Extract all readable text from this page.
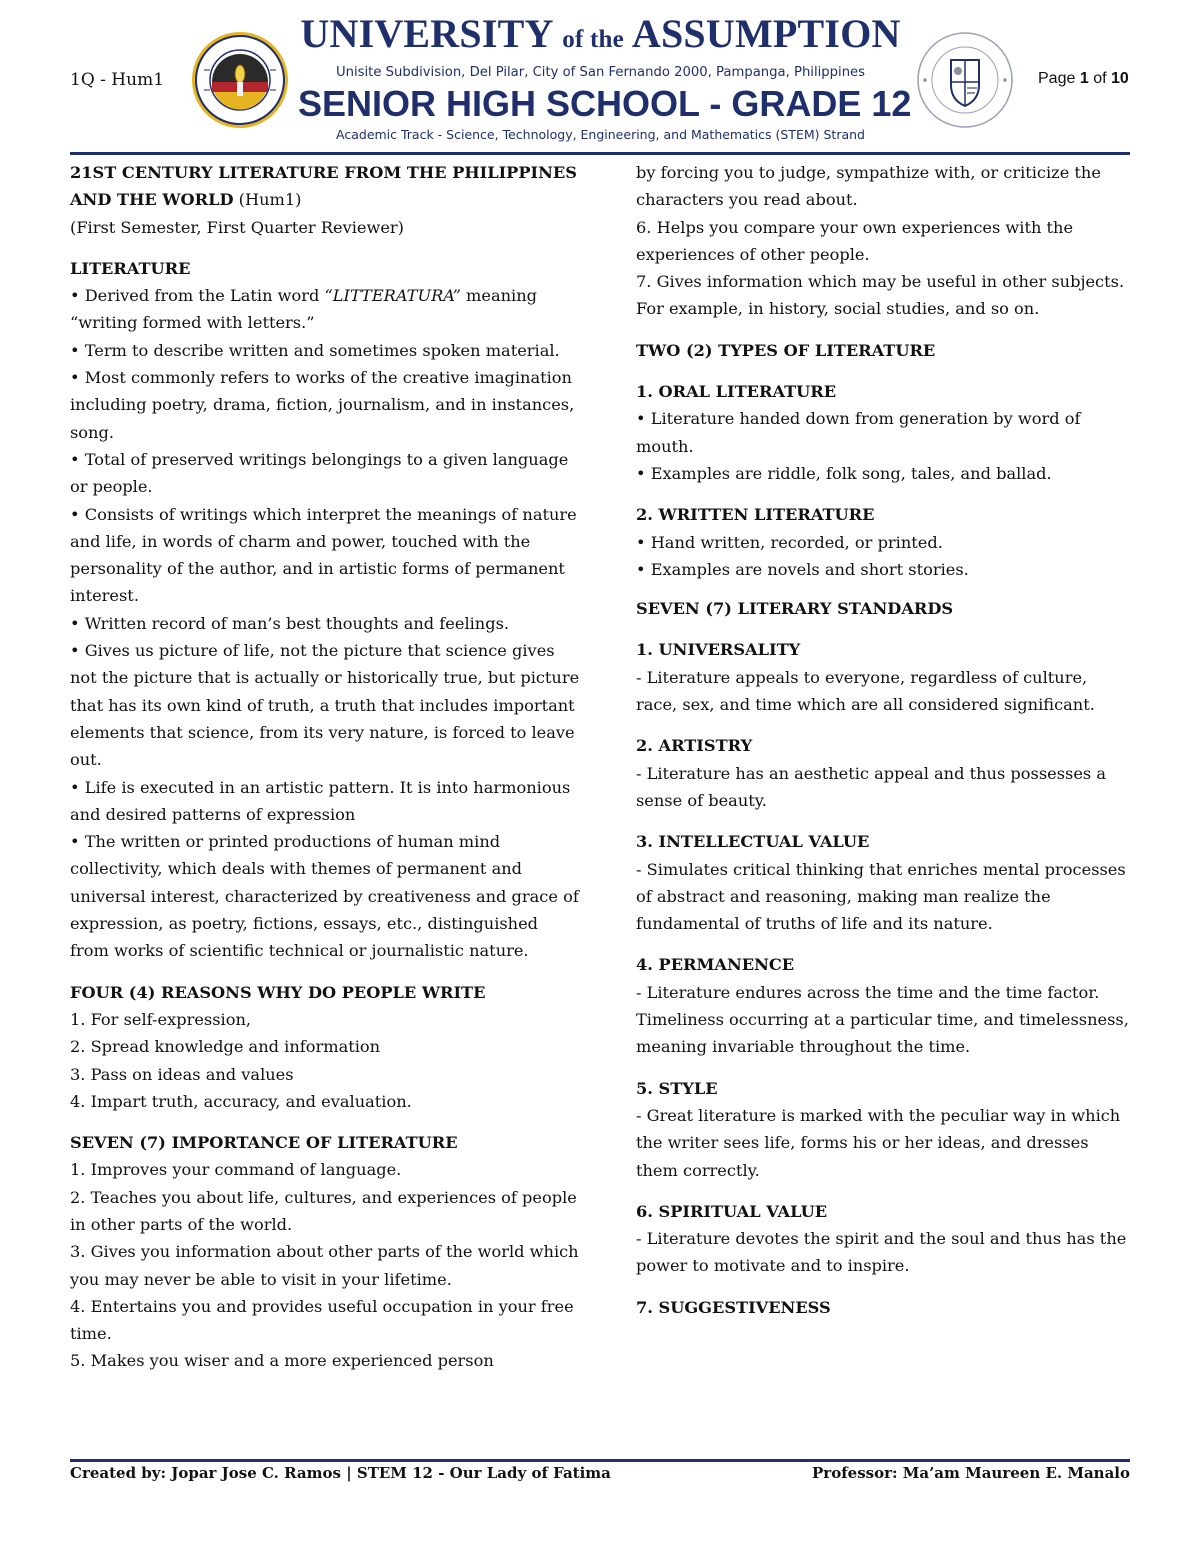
1Q - Hum1
UNIVERSITY of the ASSUMPTION
Unisite Subdivision, Del Pilar, City of San Fernando 2000, Pampanga, Philippines
SENIOR HIGH SCHOOL - GRADE 12
Academic Track - Science, Technology, Engineering, and Mathematics (STEM) Strand
Page 1 of 10

21ST CENTURY LITERATURE FROM THE PHILIPPINES AND THE WORLD (Hum1)

(First Semester, First Quarter Reviewer)

LITERATURE

• Derived from the Latin word “LITTERATURA” meaning “writing formed with letters.”

• Term to describe written and sometimes spoken material.

• Most commonly refers to works of the creative imagination including poetry, drama, fiction, journalism, and in instances, song.

• Total of preserved writings belongings to a given language or people.

• Consists of writings which interpret the meanings of nature and life, in words of charm and power, touched with the personality of the author, and in artistic forms of permanent interest.

• Written record of man’s best thoughts and feelings.

• Gives us picture of life, not the picture that science gives not the picture that is actually or historically true, but picture that has its own kind of truth, a truth that includes important elements that science, from its very nature, is forced to leave out.

• Life is executed in an artistic pattern. It is into harmonious and desired patterns of expression

• The written or printed productions of human mind collectivity, which deals with themes of permanent and universal interest, characterized by creativeness and grace of expression, as poetry, fictions, essays, etc., distinguished from works of scientific technical or journalistic nature.

FOUR (4) REASONS WHY DO PEOPLE WRITE

1. For self-expression,

2. Spread knowledge and information

3. Pass on ideas and values

4. Impart truth, accuracy, and evaluation.

SEVEN (7) IMPORTANCE OF LITERATURE

1. Improves your command of language.

2. Teaches you about life, cultures, and experiences of people in other parts of the world.

3. Gives you information about other parts of the world which you may never be able to visit in your lifetime.

4. Entertains you and provides useful occupation in your free time.

5. Makes you wiser and a more experienced person

by forcing you to judge, sympathize with, or criticize the characters you read about.

6. Helps you compare your own experiences with the experiences of other people.

7. Gives information which may be useful in other subjects. For example, in history, social studies, and so on.

TWO (2) TYPES OF LITERATURE

1. ORAL LITERATURE

• Literature handed down from generation by word of mouth.

• Examples are riddle, folk song, tales, and ballad.

2. WRITTEN LITERATURE

• Hand written, recorded, or printed.

• Examples are novels and short stories.

SEVEN (7) LITERARY STANDARDS

1. UNIVERSALITY

- Literature appeals to everyone, regardless of culture, race, sex, and time which are all considered significant.

2. ARTISTRY

- Literature has an aesthetic appeal and thus possesses a sense of beauty.

3. INTELLECTUAL VALUE

- Simulates critical thinking that enriches mental processes of abstract and reasoning, making man realize the fundamental of truths of life and its nature.

4. PERMANENCE

- Literature endures across the time and the time factor. Timeliness occurring at a particular time, and timelessness, meaning invariable throughout the time.

5. STYLE

- Great literature is marked with the peculiar way in which the writer sees life, forms his or her ideas, and dresses them correctly.

6. SPIRITUAL VALUE

- Literature devotes the spirit and the soul and thus has the power to motivate and to inspire.

7. SUGGESTIVENESS

Created by: Jopar Jose C. Ramos | STEM 12 - Our Lady of Fatima	Professor: Ma’am Maureen E. Manalo
